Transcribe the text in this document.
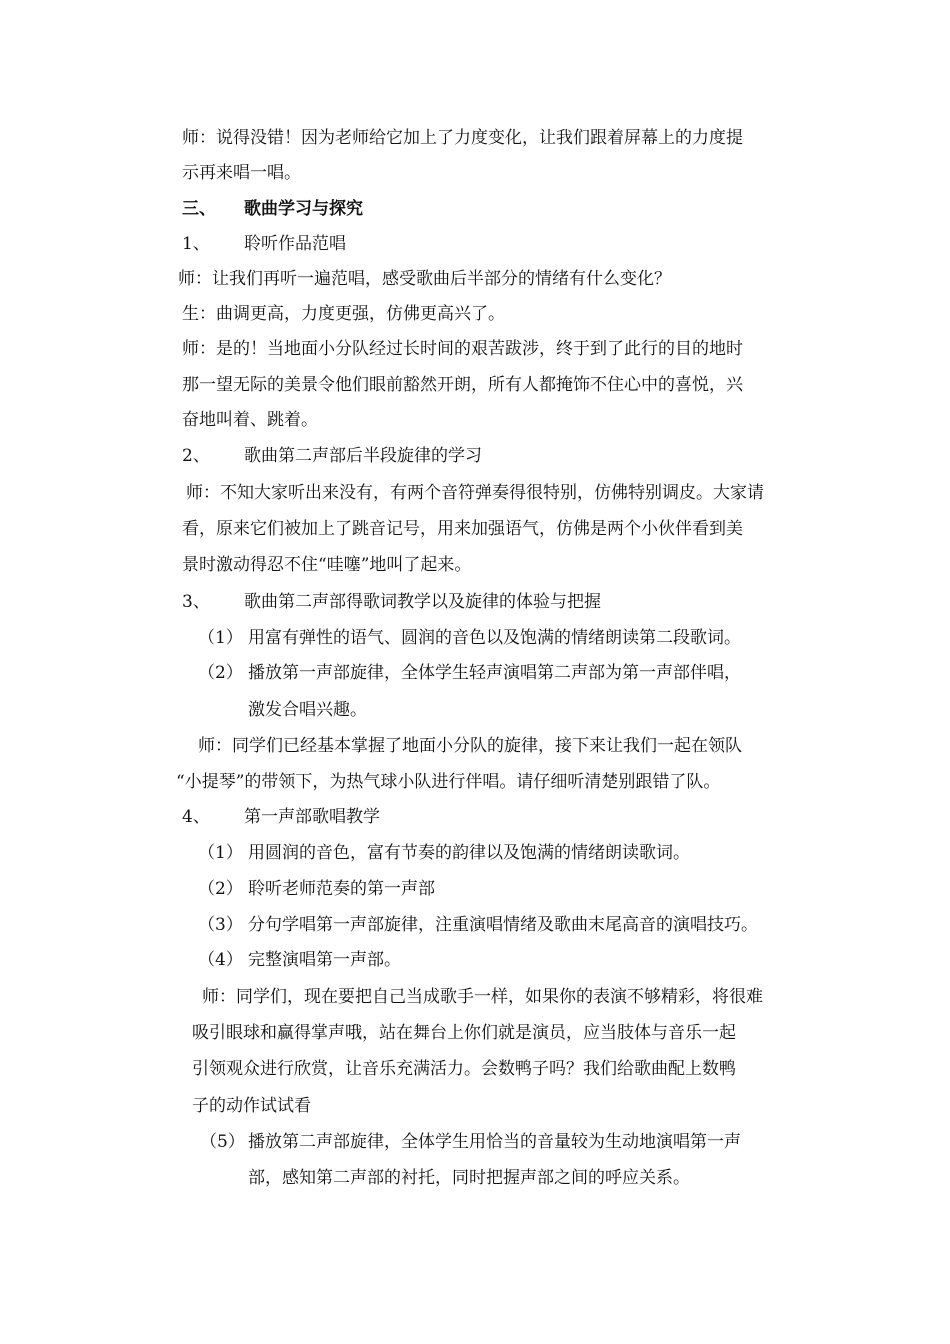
师：说得没错！因为老师给它加上了力度变化，让我们跟着屏幕上的力度提
示再来唱一唱。
三、 歌曲学习与探究
1、 聆听作品范唱
师：让我们再听一遍范唱，感受歌曲后半部分的情绪有什么变化？
生：曲调更高，力度更强，仿佛更高兴了。
师：是的！当地面小分队经过长时间的艰苦跋涉，终于到了此行的目的地时
那一望无际的美景令他们眼前豁然开朗，所有人都掩饰不住心中的喜悦，兴
奋地叫着、跳着。
2、 歌曲第二声部后半段旋律的学习
师：不知大家听出来没有，有两个音符弹奏得很特别，仿佛特别调皮。大家请
看，原来它们被加上了跳音记号，用来加强语气，仿佛是两个小伙伴看到美
景时激动得忍不住“哇噻”地叫了起来。
3、 歌曲第二声部得歌词教学以及旋律的体验与把握
（1） 用富有弹性的语气、圆润的音色以及饱满的情绪朗读第二段歌词。
（2） 播放第一声部旋律，全体学生轻声演唱第二声部为第一声部伴唱，
激发合唱兴趣。
师：同学们已经基本掌握了地面小分队的旋律，接下来让我们一起在领队
“小提琴”的带领下，为热气球小队进行伴唱。请仔细听清楚别跟错了队。
4、 第一声部歌唱教学
（1） 用圆润的音色，富有节奏的韵律以及饱满的情绪朗读歌词。
（2） 聆听老师范奏的第一声部
（3） 分句学唱第一声部旋律，注重演唱情绪及歌曲末尾高音的演唱技巧。
（4） 完整演唱第一声部。
师：同学们，现在要把自己当成歌手一样，如果你的表演不够精彩，将很难
吸引眼球和赢得掌声哦，站在舞台上你们就是演员，应当肢体与音乐一起
引领观众进行欣赏，让音乐充满活力。会数鸭子吗？我们给歌曲配上数鸭
子的动作试试看
（5） 播放第二声部旋律，全体学生用恰当的音量较为生动地演唱第一声
部，感知第二声部的衬托，同时把握声部之间的呼应关系。
